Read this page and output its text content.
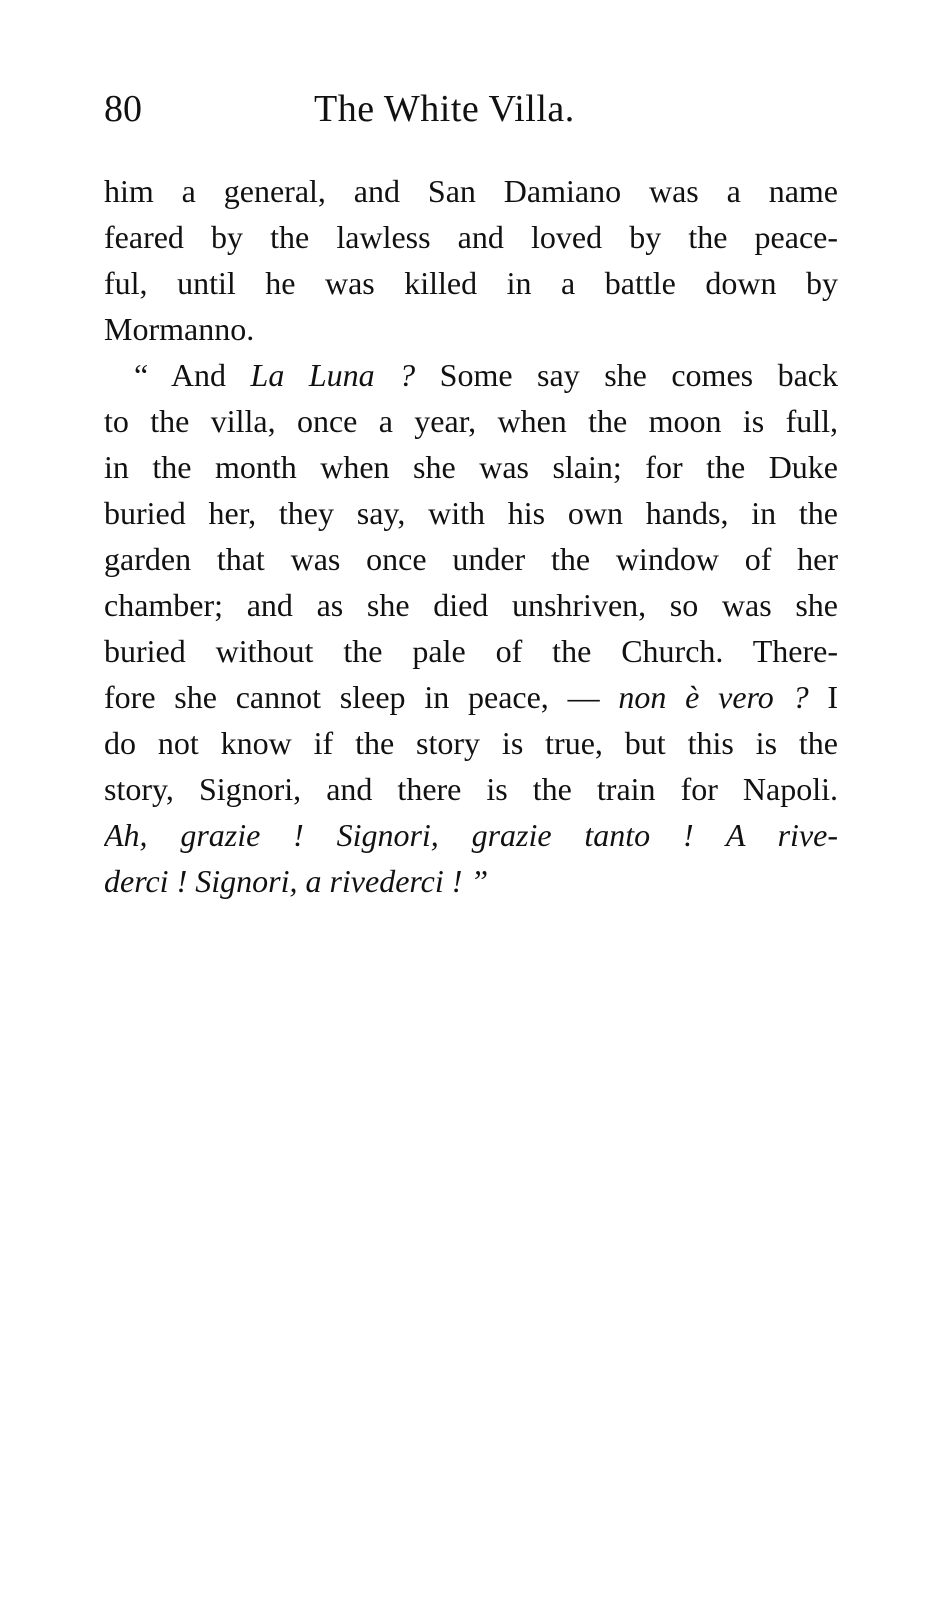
80	The White Villa.
him a general, and San Damiano was a name
feared by the lawless and loved by the peace-
ful, until he was killed in a battle down by
Mormanno.
“ And La Luna ? Some say she comes back
to the villa, once a year, when the moon is full,
in the month when she was slain; for the Duke
buried her, they say, with his own hands, in the
garden that was once under the window of her
chamber; and as she died unshriven, so was she
buried without the pale of the Church. There-
fore she cannot sleep in peace, — non è vero ? I
do not know if the story is true, but this is the
story, Signori, and there is the train for Napoli.
Ah, grazie ! Signori, grazie tanto ! A rive-
derci ! Signori, a rivederci ! ”
